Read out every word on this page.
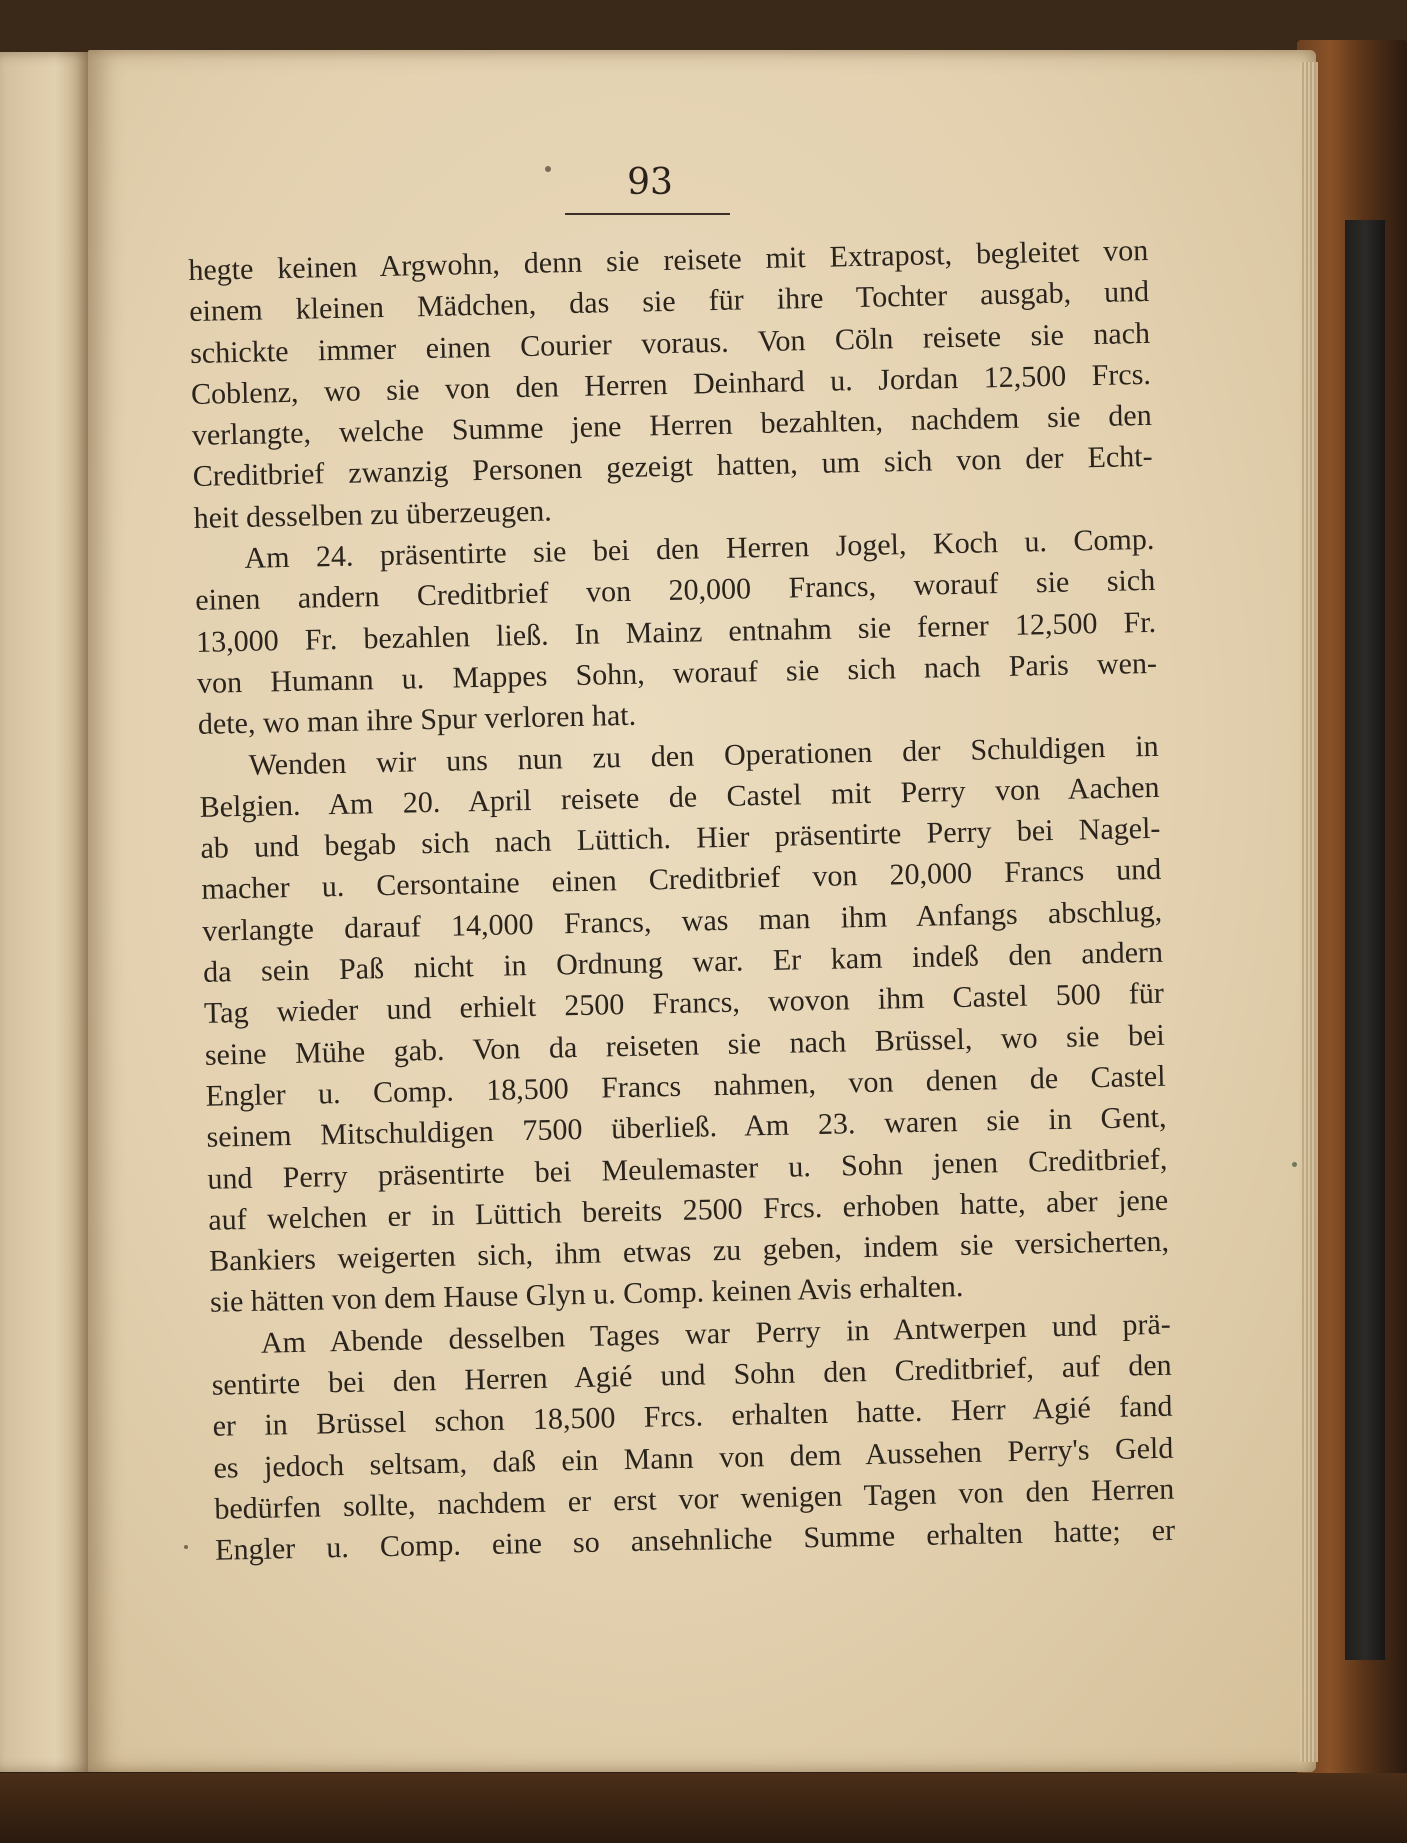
93
hegte keinen Argwohn, denn sie reisete mit Extrapost, begleitet von
einem kleinen Mädchen, das sie für ihre Tochter ausgab, und
schickte immer einen Courier voraus. Von Cöln reisete sie nach
Coblenz, wo sie von den Herren Deinhard u. Jordan 12,500 Frcs.
verlangte, welche Summe jene Herren bezahlten, nachdem sie den
Creditbrief zwanzig Personen gezeigt hatten, um sich von der Echt-
heit desselben zu überzeugen.
Am 24. präsentirte sie bei den Herren Jogel, Koch u. Comp.
einen andern Creditbrief von 20,000 Francs, worauf sie sich
13,000 Fr. bezahlen ließ. In Mainz entnahm sie ferner 12,500 Fr.
von Humann u. Mappes Sohn, worauf sie sich nach Paris wen-
dete, wo man ihre Spur verloren hat.
Wenden wir uns nun zu den Operationen der Schuldigen in
Belgien. Am 20. April reisete de Castel mit Perry von Aachen
ab und begab sich nach Lüttich. Hier präsentirte Perry bei Nagel-
macher u. Cersontaine einen Creditbrief von 20,000 Francs und
verlangte darauf 14,000 Francs, was man ihm Anfangs abschlug,
da sein Paß nicht in Ordnung war. Er kam indeß den andern
Tag wieder und erhielt 2500 Francs, wovon ihm Castel 500 für
seine Mühe gab. Von da reiseten sie nach Brüssel, wo sie bei
Engler u. Comp. 18,500 Francs nahmen, von denen de Castel
seinem Mitschuldigen 7500 überließ. Am 23. waren sie in Gent,
und Perry präsentirte bei Meulemaster u. Sohn jenen Creditbrief,
auf welchen er in Lüttich bereits 2500 Frcs. erhoben hatte, aber jene
Bankiers weigerten sich, ihm etwas zu geben, indem sie versicherten,
sie hätten von dem Hause Glyn u. Comp. keinen Avis erhalten.
Am Abende desselben Tages war Perry in Antwerpen und prä-
sentirte bei den Herren Agié und Sohn den Creditbrief, auf den
er in Brüssel schon 18,500 Frcs. erhalten hatte. Herr Agié fand
es jedoch seltsam, daß ein Mann von dem Aussehen Perry's Geld
bedürfen sollte, nachdem er erst vor wenigen Tagen von den Herren
Engler u. Comp. eine so ansehnliche Summe erhalten hatte; er
